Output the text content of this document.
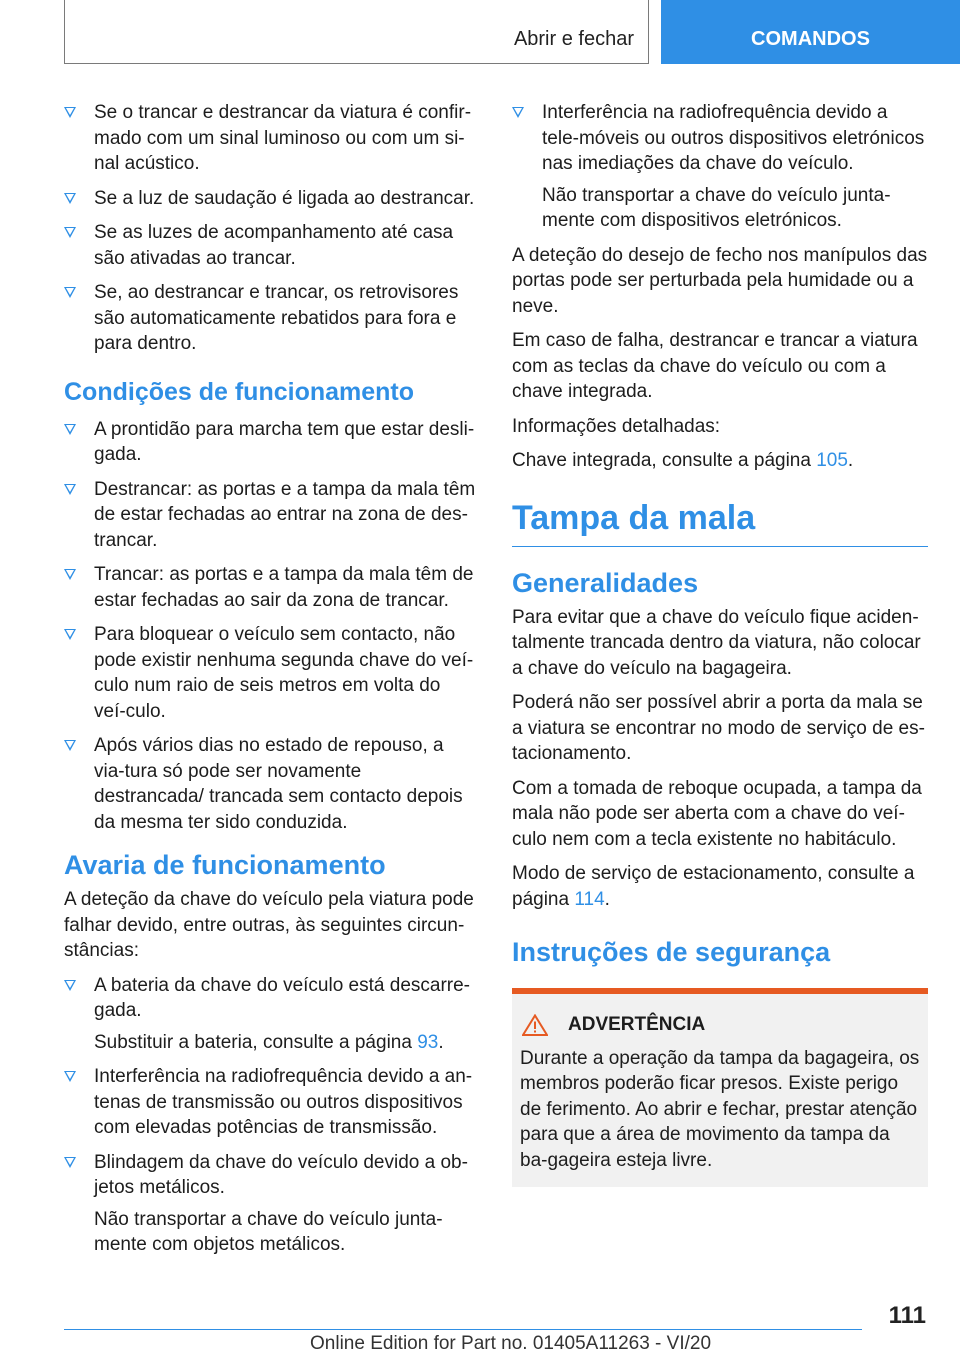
Abrir e fechar	COMANDOS
Se o trancar e destrancar da viatura é confir-mado com um sinal luminoso ou com um si-nal acústico.
Se a luz de saudação é ligada ao destrancar.
Se as luzes de acompanhamento até casa são ativadas ao trancar.
Se, ao destrancar e trancar, os retrovisores são automaticamente rebatidos para fora e para dentro.
Condições de funcionamento
A prontidão para marcha tem que estar desli-gada.
Destrancar: as portas e a tampa da mala têm de estar fechadas ao entrar na zona de des-trancar.
Trancar: as portas e a tampa da mala têm de estar fechadas ao sair da zona de trancar.
Para bloquear o veículo sem contacto, não pode existir nenhuma segunda chave do veí-culo num raio de seis metros em volta do veí-culo.
Após vários dias no estado de repouso, a via-tura só pode ser novamente destrancada/ trancada sem contacto depois da mesma ter sido conduzida.
Avaria de funcionamento
A deteção da chave do veículo pela viatura pode falhar devido, entre outras, às seguintes circun-stâncias:
A bateria da chave do veículo está descarre-gada.
Substituir a bateria, consulte a página 93.
Interferência na radiofrequência devido a an-tenas de transmissão ou outros dispositivos com elevadas potências de transmissão.
Blindagem da chave do veículo devido a ob-jetos metálicos.
Não transportar a chave do veículo junta-mente com objetos metálicos.
Interferência na radiofrequência devido a tele-móveis ou outros dispositivos eletrónicos nas imediações da chave do veículo.
Não transportar a chave do veículo junta-mente com dispositivos eletrónicos.
A deteção do desejo de fecho nos manípulos das portas pode ser perturbada pela humidade ou a neve.
Em caso de falha, destrancar e trancar a viatura com as teclas da chave do veículo ou com a chave integrada.
Informações detalhadas:
Chave integrada, consulte a página 105.
Tampa da mala
Generalidades
Para evitar que a chave do veículo fique aciden-talmente trancada dentro da viatura, não colocar a chave do veículo na bagageira.
Poderá não ser possível abrir a porta da mala se a viatura se encontrar no modo de serviço de es-tacionamento.
Com a tomada de reboque ocupada, a tampa da mala não pode ser aberta com a chave do veí-culo nem com a tecla existente no habitáculo.
Modo de serviço de estacionamento, consulte a página 114.
Instruções de segurança
ADVERTÊNCIA
Durante a operação da tampa da bagageira, os membros poderão ficar presos. Existe perigo de ferimento. Ao abrir e fechar, prestar atenção para que a área de movimento da tampa da ba-gageira esteja livre.
111
Online Edition for Part no. 01405A11263 - VI/20
